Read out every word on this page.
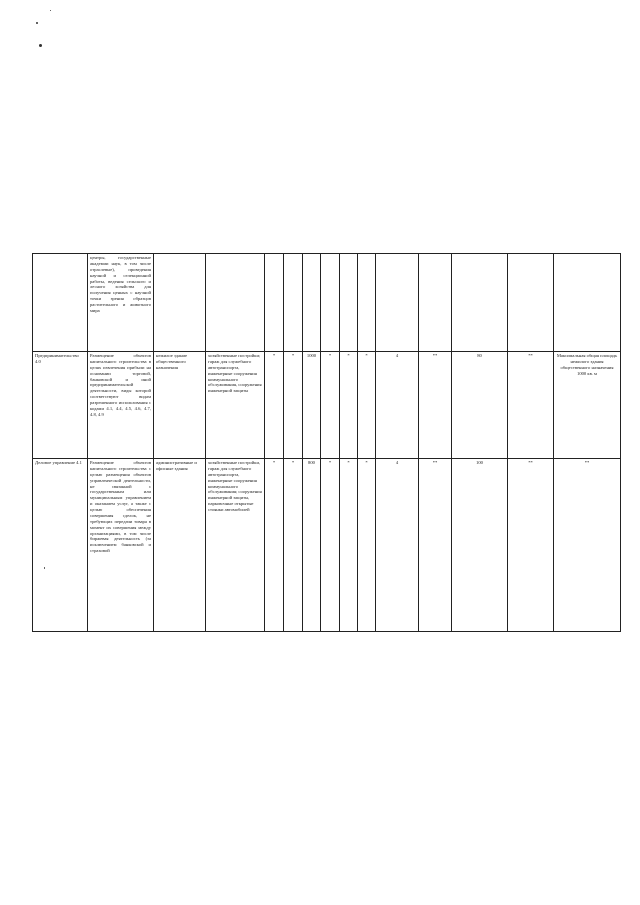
	центры, государственные академии наук, в том числе отраслевые), проведения научной и селекционной работы, ведения сельского и лесного хозяйства для получения ценных с научной точки зрения образцов растительного и животного мира													
Предпринимательство 4.0	Размещение объектов капитального строительства в целях извлечения прибыли на основании торговой, банковской и иной предпринимательской деятельности, виды которой соответствуют видам разрешенного использования с кодами 4.1, 4.4, 4.5, 4.6, 4.7, 4.8, 4.9	нежилое здание общественного назначения	хозяйственные постройки; гараж для служебного автотранспорта, инженерные сооружения коммунального обслуживания, сооружения инженерной защиты	*	*	1000	*	*	*	4	**	80	**	Максимальная общая площадь нежилого здания общественного назначения 1000 кв. м
Деловое управление 4.1	Размещение объектов капитального строительства с целью размещения объектов управленческой деятельности, не связанной с государственным или муниципальным управлением и оказанием услуг, а также с целью обеспечения совершения сделок, не требующих передачи товара в момент их совершения между организациями, в том числе биржевая деятельность (за исключением банковской и страховой	административные и офисные здания	хозяйственные постройки, гараж для служебного автотранспорта, инженерные сооружения коммунального обслуживания; сооружения инженерной защиты, парковочные открытые стоянки автомобилей	*	*	800	*	*	*	4	**	100	**	**
